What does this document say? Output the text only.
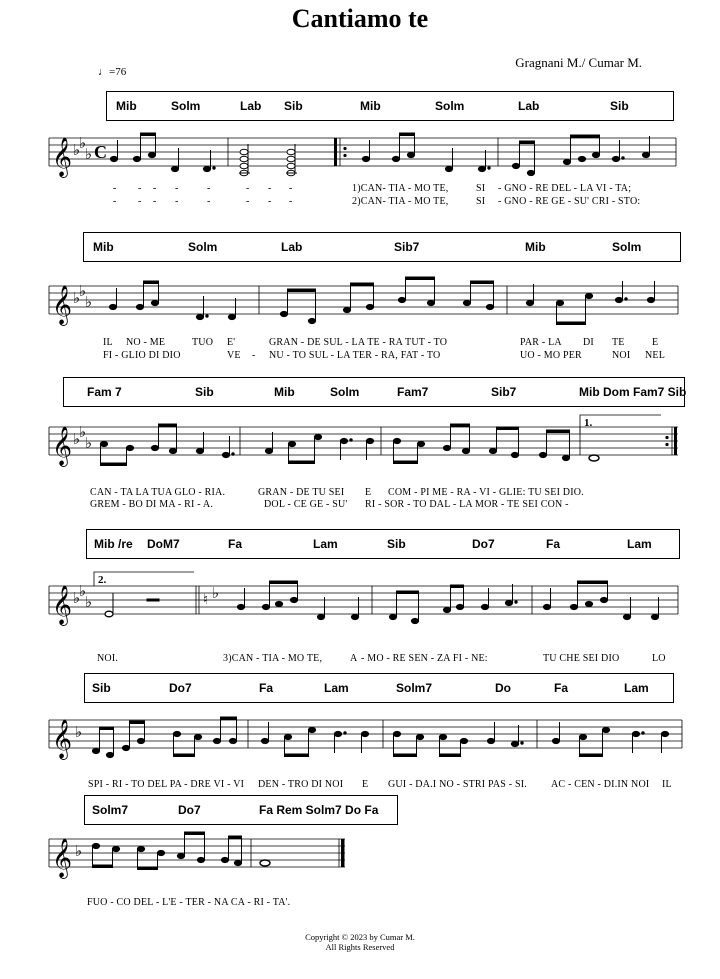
Cantiamo te
Gragnani M./ Cumar M.
♩=76
Mib	Solm	Lab Sib	Mib	Solm	Lab	Sib
Mib	Solm	Lab	Sib7	Mib	Solm
Fam 7	Sib	Mib	Solm	Fam7	Sib7	Mib Dom Fam7 Sib
Mib /re DoM7	Fa	Lam	Sib	Do7	Fa	Lam
Sib	Do7	Fa	Lam	Solm7	Do	Fa	Lam
Solm7	Do7	Fa Rem Solm7 Do Fa
𝄞 ♭
♭
♭ C
- - - -	-	-	-
-	1)CAN- TIA - MO TE,	SI - GNO - RE DEL - LA VI - TA;
- - - -	-	-	-
-	2)CAN- TIA - MO TE,	SI - GNO - RE GE - SU' CRI - STO:
𝄞 ♭
♭
♭
IL NO - ME	TUO E'	GRAN - DE SUL - LA TE - RA TUT - TO	PAR - LA DI TE	E
FI - GLIO DI DIO	VE - NU - TO SUL - LA TER - RA, FAT - TO	UO - MO PER	NOI NEL
1.
𝄞 ♭
♭
♭
CAN - TA LA TUA GLO - RIA.	GRAN - DE TU SEI E COM - PI ME - RA - VI - GLIE: TU SEI DIO.
GREM - BO DI MA - RI - A.	DOL - CE GE - SU' RI - SOR - TO DAL - LA MOR - TE SEI CON -
2.
𝄞 ♭
♭
♭	♮ ♭
NOI.	3)CAN - TIA - MO TE,	A - MO - RE SEN - ZA FI - NE:	TU CHE SEI DIO	LO
𝄞 ♭
SPI - RI - TO DEL PA - DRE VI - VI DEN - TRO DI NOI E GUI - DA.I NO - STRI PAS - SI. AC - CEN - DI.IN NOI IL
𝄞 ♭
FUO - CO DEL - L'E - TER - NA CA - RI - TA'.
Copyright © 2023 by Cumar M.
All Rights Reserved
